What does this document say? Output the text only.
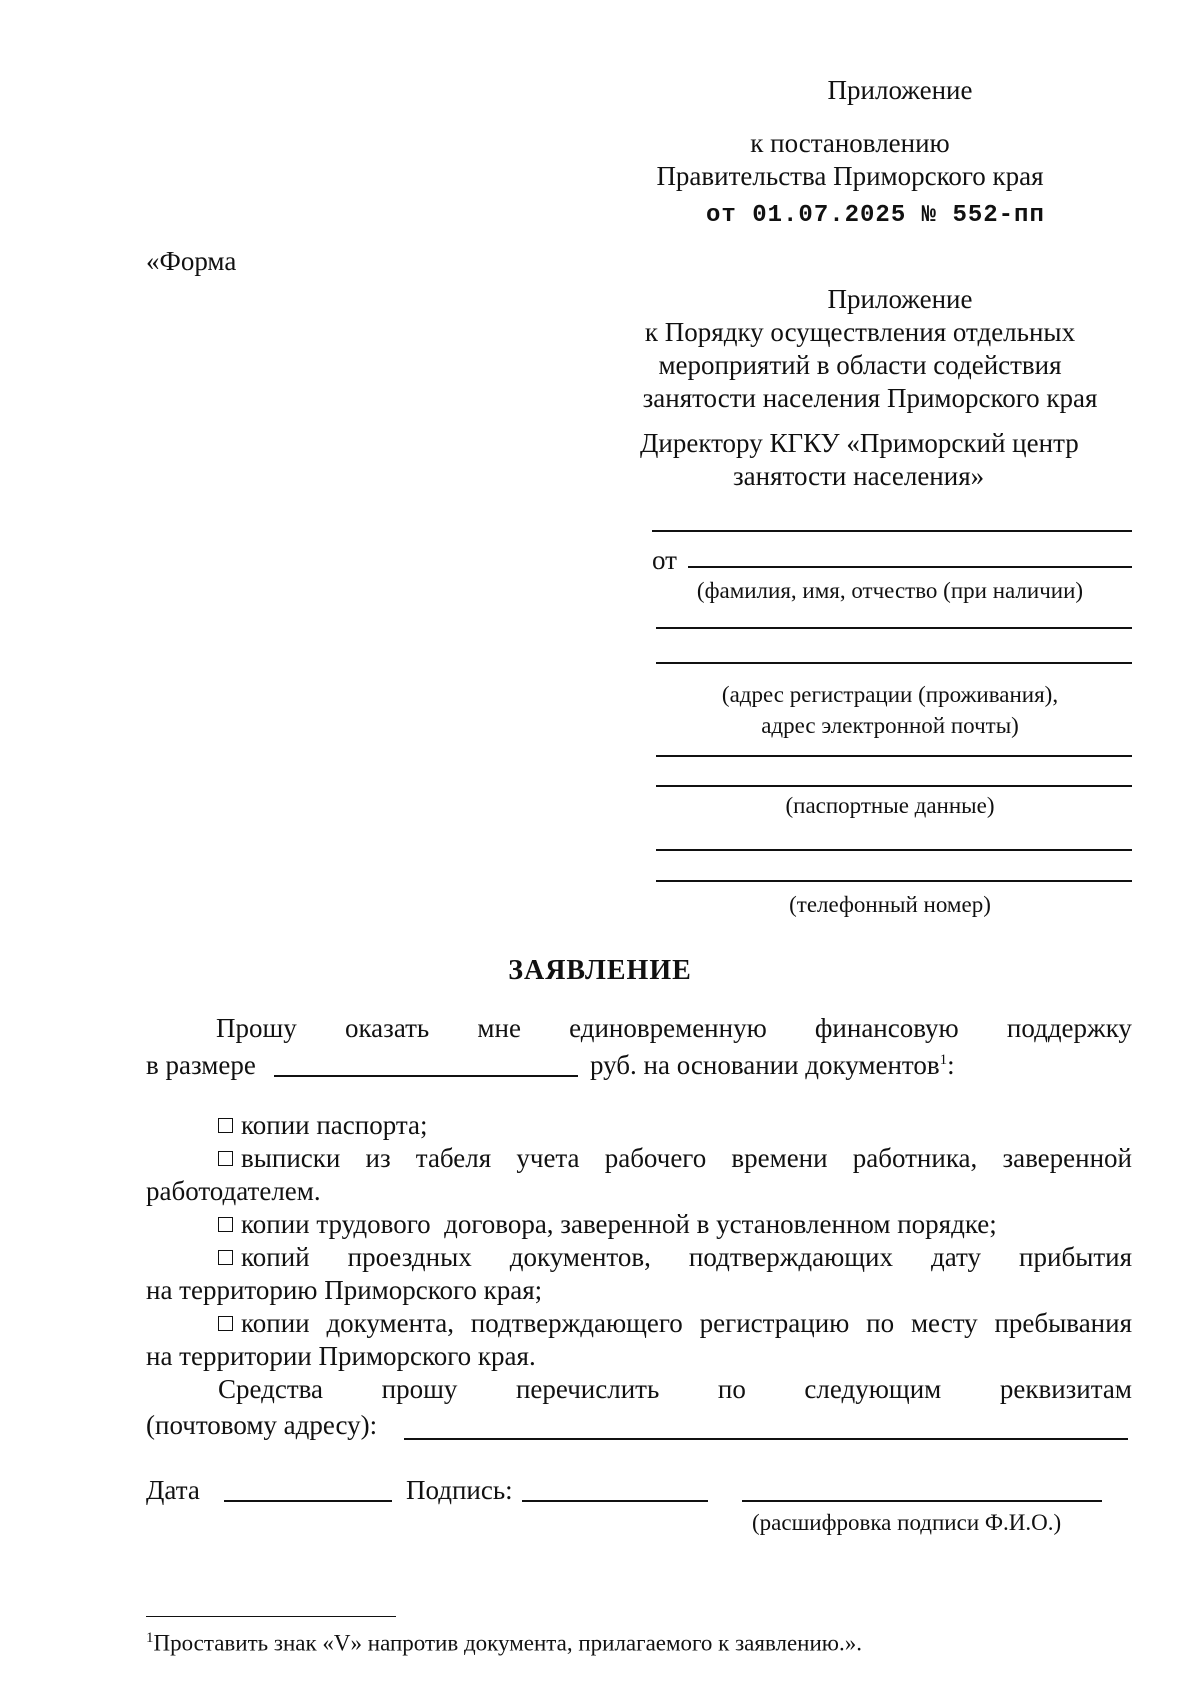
Приложение
к постановлению
Правительства Приморского края
от 01.07.2025 № 552-пп
«Форма
Приложение
к Порядку осуществления отдельных
мероприятий в области содействия
занятости населения Приморского края
Директору КГКУ «Приморский центр
занятости населения»
от
(фамилия, имя, отчество (при наличии)
(адрес регистрации (проживания),
адрес электронной почты)
(паспортные данные)
(телефонный номер)
ЗАЯВЛЕНИЕ
Прошу оказать мне единовременную финансовую поддержку
в размере	руб. на основании документов$^1$:
копии паспорта;
выписки из табеля учета рабочего времени работника, заверенной
работодателем.
копии трудового  договора, заверенной в установленном порядке;
копий проездных документов, подтверждающих дату прибытия
на территорию Приморского края;
копии документа, подтверждающего регистрацию по месту пребывания
на территории Приморского края.
Средства прошу перечислить по следующим реквизитам
(почтовому адресу):
Дата	Подпись:
(расшифровка подписи Ф.И.О.)
$^1$Проставить знак «V» напротив документа, прилагаемого к заявлению.».
